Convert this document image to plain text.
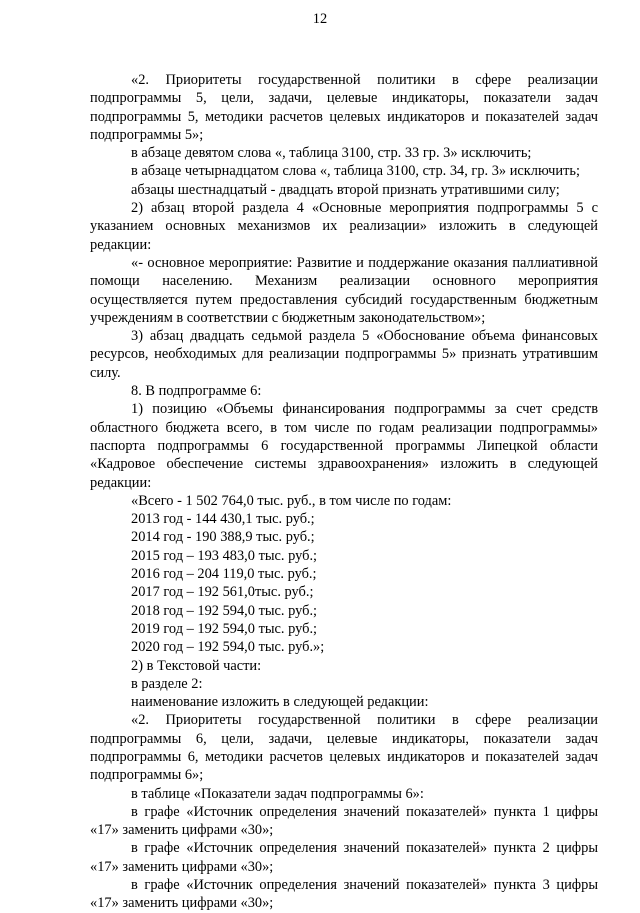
12

«2. Приоритеты государственной политики в сфере реализации подпрограммы 5, цели, задачи, целевые индикаторы, показатели задач подпрограммы 5, методики расчетов целевых индикаторов и показателей задач подпрограммы 5»;

в абзаце девятом слова «, таблица 3100, стр. 33 гр. 3» исключить;

в абзаце четырнадцатом слова «, таблица 3100, стр. 34, гр. 3» исключить;

абзацы шестнадцатый - двадцать второй признать утратившими силу;

2) абзац второй раздела 4 «Основные мероприятия подпрограммы 5 с указанием основных механизмов их реализации» изложить в следующей редакции:

«- основное мероприятие: Развитие и поддержание оказания паллиативной помощи населению. Механизм реализации основного мероприятия осуществляется путем предоставления субсидий государственным бюджетным учреждениям в соответствии с бюджетным законодательством»;

3) абзац двадцать седьмой раздела 5 «Обоснование объема финансовых ресурсов, необходимых для реализации подпрограммы 5» признать утратившим силу.

8. В подпрограмме 6:

1) позицию «Объемы финансирования подпрограммы за счет средств областного бюджета всего, в том числе по годам реализации подпрограммы» паспорта подпрограммы 6 государственной программы Липецкой области «Кадровое обеспечение системы здравоохранения» изложить в следующей редакции:

«Всего - 1 502 764,0 тыс. руб., в том числе по годам:

2013 год - 144 430,1 тыс. руб.;

2014 год - 190 388,9 тыс. руб.;

2015 год – 193 483,0 тыс. руб.;

2016 год – 204 119,0 тыс. руб.;

2017 год – 192 561,0тыс. руб.;

2018 год – 192 594,0 тыс. руб.;

2019 год – 192 594,0 тыс. руб.;

2020 год – 192 594,0 тыс. руб.»;

2) в Текстовой части:

в разделе 2:

наименование изложить в следующей редакции:

«2. Приоритеты государственной политики в сфере реализации подпрограммы 6, цели, задачи, целевые индикаторы, показатели задач подпрограммы 6, методики расчетов целевых индикаторов и показателей задач подпрограммы 6»;

в таблице «Показатели задач подпрограммы 6»:

в графе «Источник определения значений показателей» пункта 1 цифры «17» заменить цифрами «30»;

в графе «Источник определения значений показателей» пункта 2 цифры «17» заменить цифрами «30»;

в графе «Источник определения значений показателей» пункта 3 цифры «17» заменить цифрами «30»;
